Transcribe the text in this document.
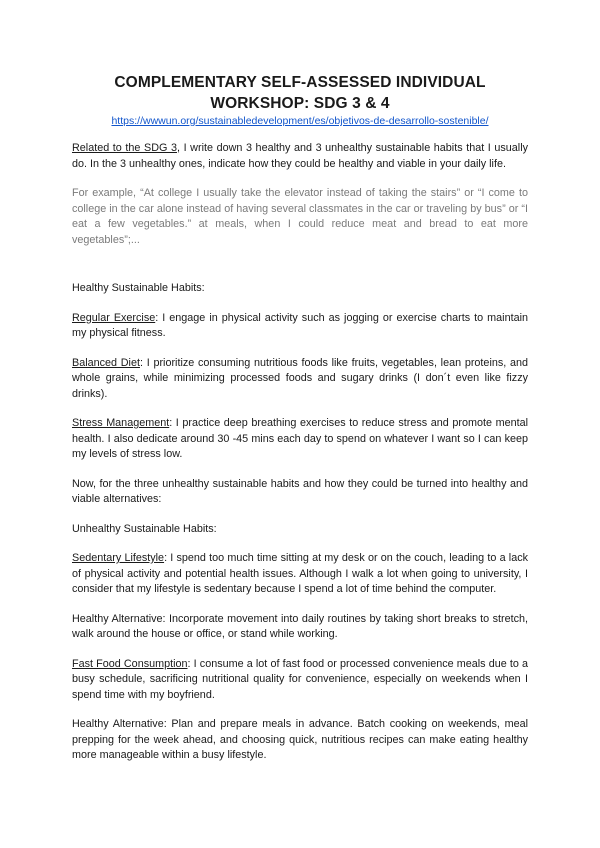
COMPLEMENTARY SELF-ASSESSED INDIVIDUAL
WORKSHOP: SDG 3 & 4
https://wwwun.org/sustainabledevelopment/es/objetivos-de-desarrollo-sostenible/

Related to the SDG 3, I write down 3 healthy and 3 unhealthy sustainable habits that I usually do. In the 3 unhealthy ones, indicate how they could be healthy and viable in your daily life.

For example, “At college I usually take the elevator instead of taking the stairs” or “I come to college in the car alone instead of having several classmates in the car or traveling by bus” or “I eat a few vegetables.” at meals, when I could reduce meat and bread to eat more vegetables”;...

Healthy Sustainable Habits:

Regular Exercise: I engage in physical activity such as jogging or exercise charts to maintain my physical fitness.

Balanced Diet: I prioritize consuming nutritious foods like fruits, vegetables, lean proteins, and whole grains, while minimizing processed foods and sugary drinks (I don´t even like fizzy drinks).

Stress Management: I practice deep breathing exercises to reduce stress and promote mental health. I also dedicate around 30 -45 mins each day to spend on whatever I want so I can keep my levels of stress low.

Now, for the three unhealthy sustainable habits and how they could be turned into healthy and viable alternatives:

Unhealthy Sustainable Habits:

Sedentary Lifestyle: I spend too much time sitting at my desk or on the couch, leading to a lack of physical activity and potential health issues. Although I walk a lot when going to university, I consider that my lifestyle is sedentary because I spend a lot of time behind the computer.

Healthy Alternative: Incorporate movement into daily routines by taking short breaks to stretch, walk around the house or office, or stand while working.

Fast Food Consumption: I consume a lot of fast food or processed convenience meals due to a busy schedule, sacrificing nutritional quality for convenience, especially on weekends when I spend time with my boyfriend.

Healthy Alternative: Plan and prepare meals in advance. Batch cooking on weekends, meal prepping for the week ahead, and choosing quick, nutritious recipes can make eating healthy more manageable within a busy lifestyle.
